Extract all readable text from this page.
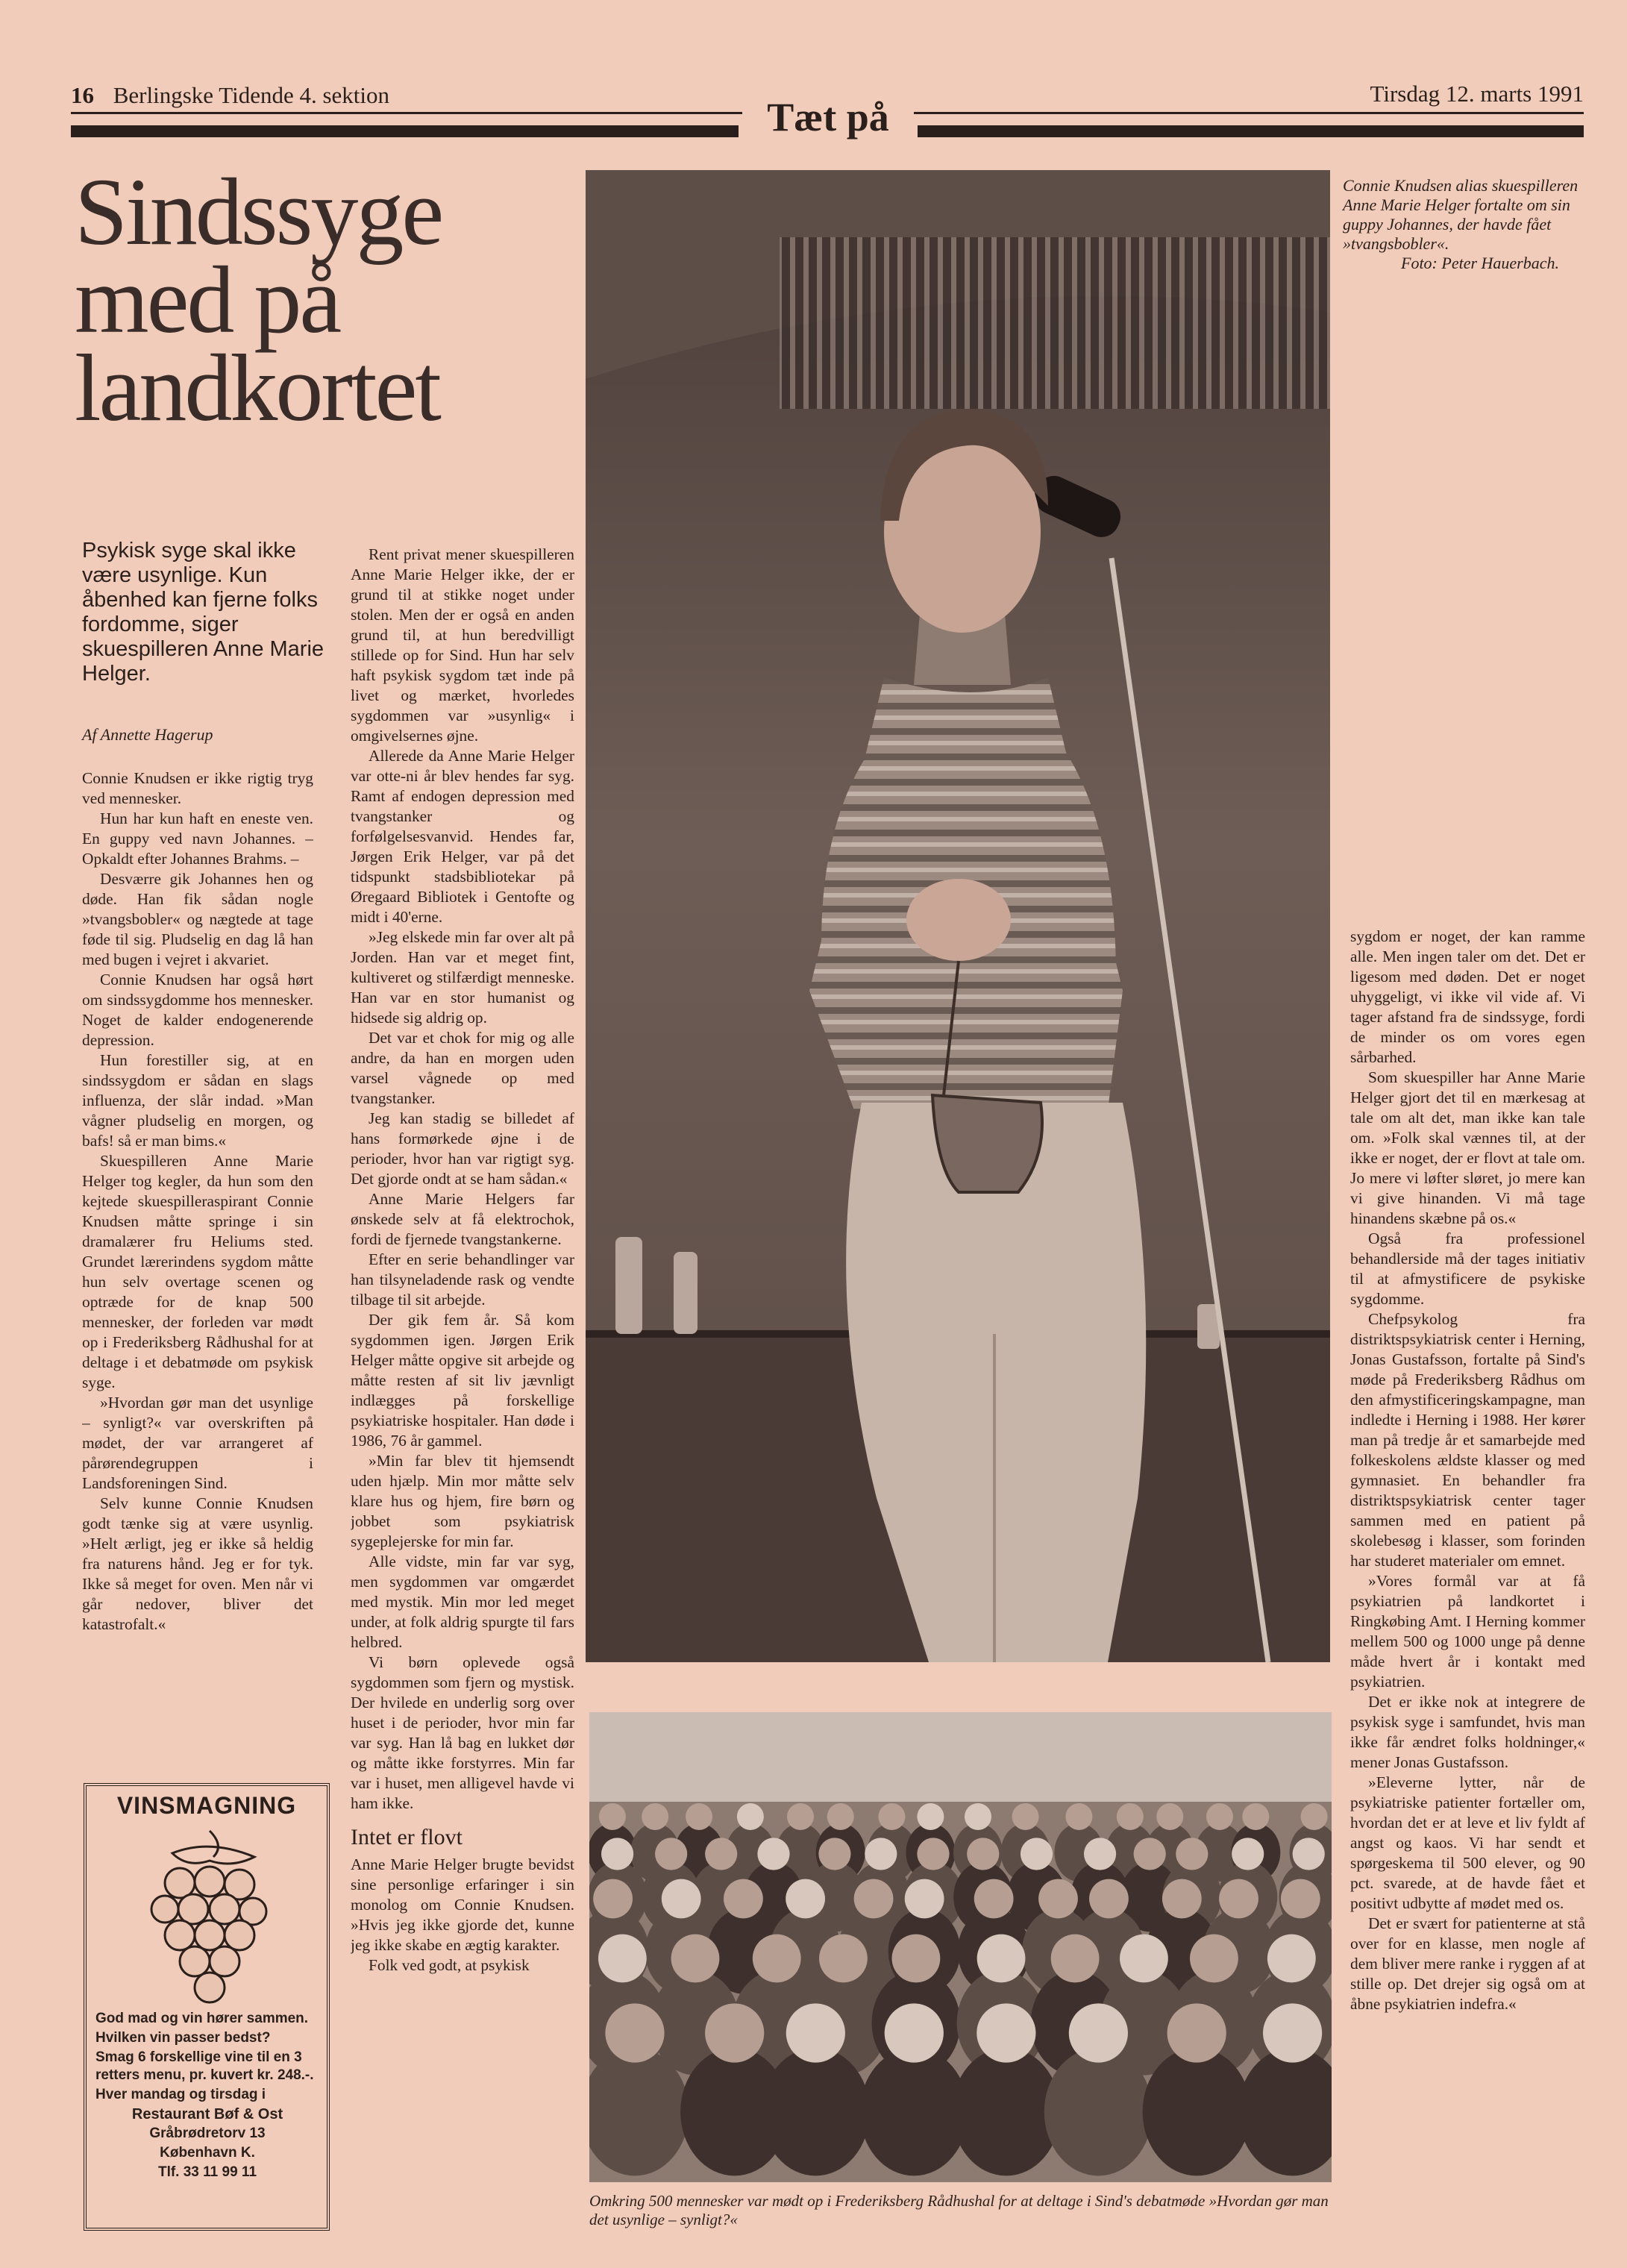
16 Berlingske Tidende 4. sektion	Tirsdag 12. marts 1991
Tæt på
Sindssyge
med på
landkortet
Psykisk syge skal ikke være usynlige. Kun åbenhed kan fjerne folks fordomme, siger skuespilleren Anne Marie Helger.
Af Annette Hagerup

Connie Knudsen er ikke rigtig tryg ved mennesker.

Hun har kun haft en eneste ven. En guppy ved navn Johannes. – Opkaldt efter Johannes Brahms. –

Desværre gik Johannes hen og døde. Han fik sådan nogle »tvangsbobler« og nægtede at tage føde til sig. Pludselig en dag lå han med bugen i vejret i akvariet.

Connie Knudsen har også hørt om sindssygdomme hos mennesker. Noget de kalder endogenerende depression.

Hun forestiller sig, at en sindssygdom er sådan en slags influenza, der slår indad. »Man vågner pludselig en morgen, og bafs! så er man bims.«

Skuespilleren Anne Marie Helger tog kegler, da hun som den kejtede skuespilleraspirant Connie Knudsen måtte springe i sin dramalærer fru Heliums sted. Grundet lærerindens sygdom måtte hun selv overtage scenen og optræde for de knap 500 mennesker, der forleden var mødt op i Frederiksberg Rådhushal for at deltage i et debatmøde om psykisk syge.

»Hvordan gør man det usynlige – synligt?« var overskriften på mødet, der var arrangeret af pårørendegruppen i Landsforeningen Sind.

Selv kunne Connie Knudsen godt tænke sig at være usynlig. »Helt ærligt, jeg er ikke så heldig fra naturens hånd. Jeg er for tyk. Ikke så meget for oven. Men når vi går nedover, bliver det katastrofalt.«

Rent privat mener skuespilleren Anne Marie Helger ikke, der er grund til at stikke noget under stolen. Men der er også en anden grund til, at hun beredvilligt stillede op for Sind. Hun har selv haft psykisk sygdom tæt inde på livet og mærket, hvorledes sygdommen var »usynlig« i omgivelsernes øjne.

Allerede da Anne Marie Helger var otte-ni år blev hendes far syg. Ramt af endogen depression med tvangstanker og forfølgelsesvanvid. Hendes far, Jørgen Erik Helger, var på det tidspunkt stadsbibliotekar på Øregaard Bibliotek i Gentofte og midt i 40'erne.

»Jeg elskede min far over alt på Jorden. Han var et meget fint, kultiveret og stilfærdigt menneske. Han var en stor humanist og hidsede sig aldrig op.

Det var et chok for mig og alle andre, da han en morgen uden varsel vågnede op med tvangstanker.

Jeg kan stadig se billedet af hans formørkede øjne i de perioder, hvor han var rigtigt syg. Det gjorde ondt at se ham sådan.«

Anne Marie Helgers far ønskede selv at få elektrochok, fordi de fjernede tvangstankerne.

Efter en serie behandlinger var han tilsyneladende rask og vendte tilbage til sit arbejde.

Der gik fem år. Så kom sygdommen igen. Jørgen Erik Helger måtte opgive sit arbejde og måtte resten af sit liv jævnligt indlægges på forskellige psykiatriske hospitaler. Han døde i 1986, 76 år gammel.

»Min far blev tit hjemsendt uden hjælp. Min mor måtte selv klare hus og hjem, fire børn og jobbet som psykiatrisk sygeplejerske for min far.

Alle vidste, min far var syg, men sygdommen var omgærdet med mystik. Min mor led meget under, at folk aldrig spurgte til fars helbred.

Vi børn oplevede også sygdommen som fjern og mystisk. Der hvilede en underlig sorg over huset i de perioder, hvor min far var syg. Han lå bag en lukket dør og måtte ikke forstyrres. Min far var i huset, men alligevel havde vi ham ikke.

Intet er flovt

Anne Marie Helger brugte bevidst sine personlige erfaringer i sin monolog om Connie Knudsen. »Hvis jeg ikke gjorde det, kunne jeg ikke skabe en ægtig karakter.

Folk ved godt, at psykisk

Connie Knudsen alias skuespilleren Anne Marie Helger fortalte om sin guppy Johannes, der havde fået »tvangsbobler«.
Foto: Peter Hauerbach.

sygdom er noget, der kan ramme alle. Men ingen taler om det. Det er ligesom med døden. Det er noget uhyggeligt, vi ikke vil vide af. Vi tager afstand fra de sindssyge, fordi de minder os om vores egen sårbarhed.

Som skuespiller har Anne Marie Helger gjort det til en mærkesag at tale om alt det, man ikke kan tale om. »Folk skal vænnes til, at der ikke er noget, der er flovt at tale om. Jo mere vi løfter sløret, jo mere kan vi give hinanden. Vi må tage hinandens skæbne på os.«

Også fra professionel behandlerside må der tages initiativ til at afmystificere de psykiske sygdomme.

Chefpsykolog fra distriktspsykiatrisk center i Herning, Jonas Gustafsson, fortalte på Sind's møde på Frederiksberg Rådhus om den afmystificeringskampagne, man indledte i Herning i 1988. Her kører man på tredje år et samarbejde med folkeskolens ældste klasser og med gymnasiet. En behandler fra distriktspsykiatrisk center tager sammen med en patient på skolebesøg i klasser, som forinden har studeret materialer om emnet.

»Vores formål var at få psykiatrien på landkortet i Ringkøbing Amt. I Herning kommer mellem 500 og 1000 unge på denne måde hvert år i kontakt med psykiatrien.

Det er ikke nok at integrere de psykisk syge i samfundet, hvis man ikke får ændret folks holdninger,« mener Jonas Gustafsson.

»Eleverne lytter, når de psykiatriske patienter fortæller om, hvordan det er at leve et liv fyldt af angst og kaos. Vi har sendt et spørgeskema til 500 elever, og 90 pct. svarede, at de havde fået et positivt udbytte af mødet med os.

Det er svært for patienterne at stå over for en klasse, men nogle af dem bliver mere ranke i ryggen af at stille op. Det drejer sig også om at åbne psykiatrien indefra.«

Omkring 500 mennesker var mødt op i Frederiksberg Rådhushal for at deltage i Sind's debatmøde »Hvordan gør man det usynlige – synligt?«
VINSMAGNING
God mad og vin hører sammen.
Hvilken vin passer bedst?
Smag 6 forskellige vine til en 3 retters menu, pr. kuvert kr. 248.-.
Hver mandag og tirsdag i
Restaurant Bøf & Ost
Gråbrødretorv 13
København K.
Tlf. 33 11 99 11
